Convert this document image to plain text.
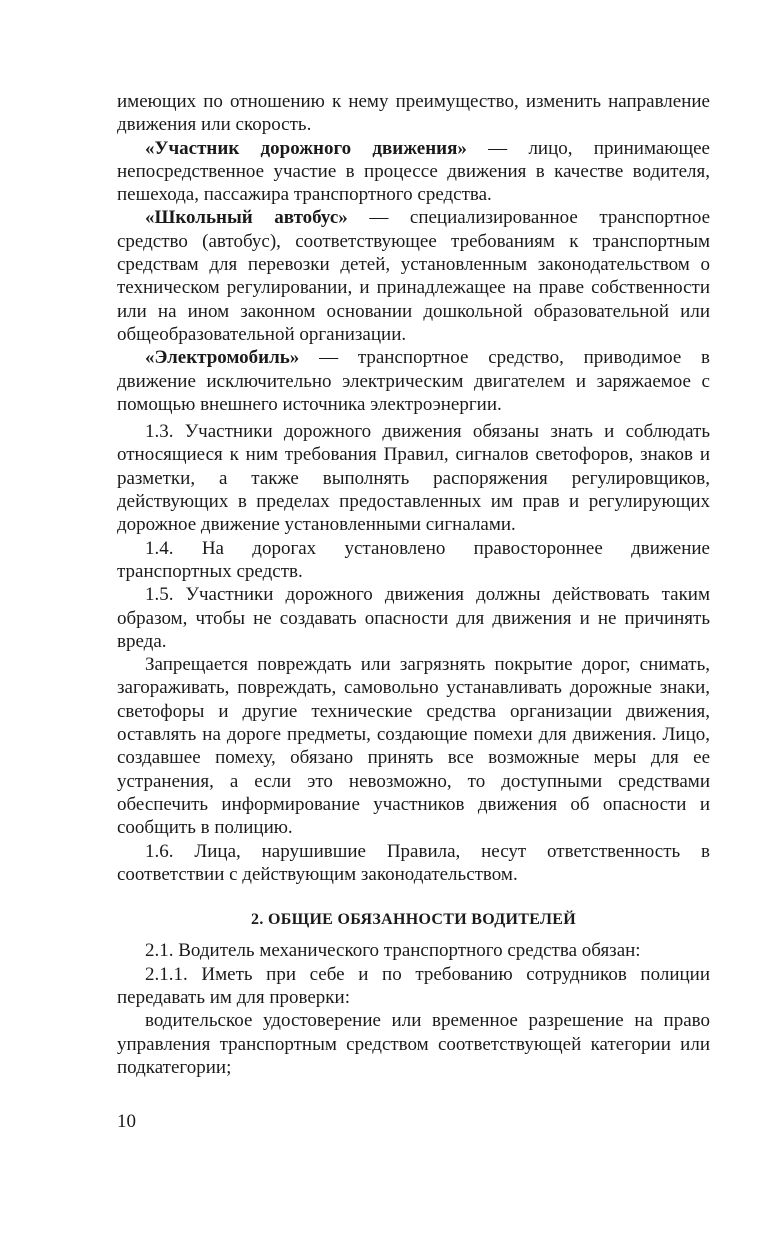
имеющих по отношению к нему преимущество, изменить направление движения или скорость.

«Участник дорожного движения» — лицо, принимающее непосредственное участие в процессе движения в качестве водителя, пешехода, пассажира транспортного средства.

«Школьный автобус» — специализированное транспортное средство (автобус), соответствующее требованиям к транспортным средствам для перевозки детей, установленным законодательством о техническом регулировании, и принадлежащее на праве собственности или на ином законном основании дошкольной образовательной или общеобразовательной организации.

«Электромобиль» — транспортное средство, приводимое в движение исключительно электрическим двигателем и заряжаемое с помощью внешнего источника электроэнергии.

1.3. Участники дорожного движения обязаны знать и соблюдать относящиеся к ним требования Правил, сигналов светофоров, знаков и разметки, а также выполнять распоряжения регулировщиков, действующих в пределах предоставленных им прав и регулирующих дорожное движение установленными сигналами.

1.4. На дорогах установлено правостороннее движение транспортных средств.

1.5. Участники дорожного движения должны действовать таким образом, чтобы не создавать опасности для движения и не причинять вреда.

Запрещается повреждать или загрязнять покрытие дорог, снимать, загораживать, повреждать, самовольно устанавливать дорожные знаки, светофоры и другие технические средства организации движения, оставлять на дороге предметы, создающие помехи для движения. Лицо, создавшее помеху, обязано принять все возможные меры для ее устранения, а если это невозможно, то доступными средствами обеспечить информирование участников движения об опасности и сообщить в полицию.

1.6. Лица, нарушившие Правила, несут ответственность в соответствии с действующим законодательством.

2. ОБЩИЕ ОБЯЗАННОСТИ ВОДИТЕЛЕЙ

2.1. Водитель механического транспортного средства обязан:

2.1.1. Иметь при себе и по требованию сотрудников полиции передавать им для проверки:

водительское удостоверение или временное разрешение на право управления транспортным средством соответствующей категории или подкатегории;

10
